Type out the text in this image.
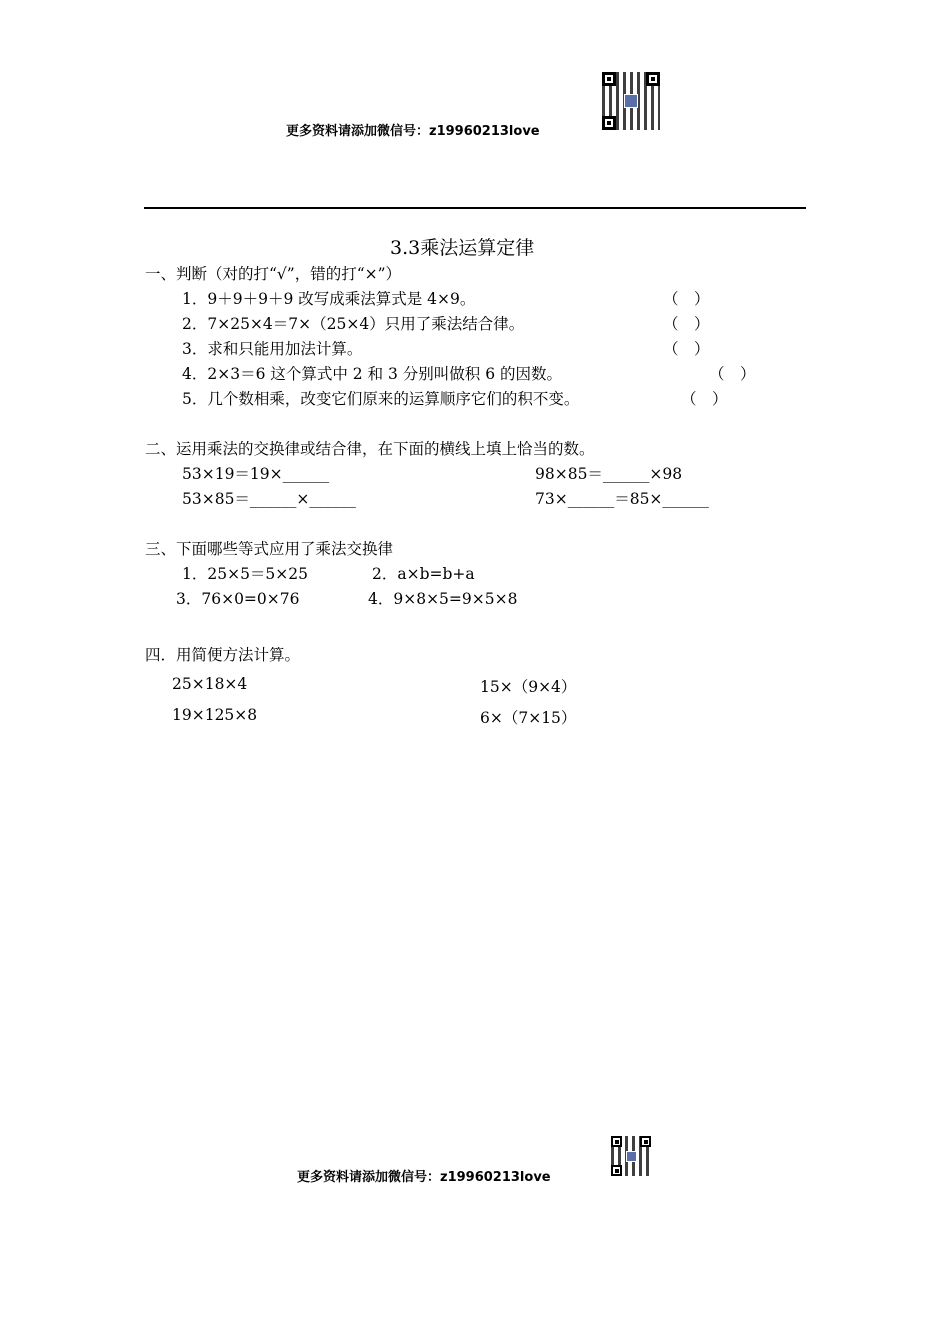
更多资料请添加微信号：z19960213love
3.3乘法运算定律
一、判断（对的打“√”，错的打“×”）
1．9＋9＋9＋9 改写成乘法算式是 4×9。	（　）
2．7×25×4＝7×（25×4）只用了乘法结合律。	（　）
3．求和只能用加法计算。	（　）
4．2×3＝6 这个算式中 2 和 3 分别叫做积 6 的因数。	（　）
5．几个数相乘，改变它们原来的运算顺序它们的积不变。	（　）
二、运用乘法的交换律或结合律，在下面的横线上填上恰当的数。
53×19＝19×______	98×85＝______×98
53×85＝______×______	73×______＝85×______
三、下面哪些等式应用了乘法交换律
1．25×5＝5×25	2．a×b=b+a
3．76×0=0×76	4．9×8×5=9×5×8
四．用简便方法计算。
25×18×4	15×（9×4）
19×125×8	6×（7×15）
更多资料请添加微信号：z19960213love
